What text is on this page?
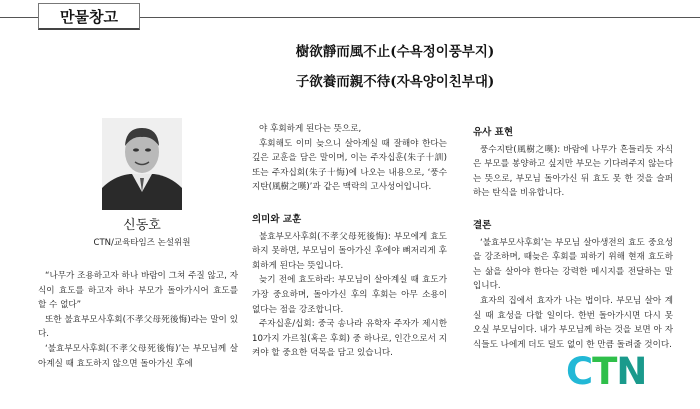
만물창고
樹欲靜而風不止(수욕정이풍부지)
子欲養而親不待(자욕양이친부대)
신동호
CTN/교육타임즈 논설위원

“나무가 조용하고자 하나 바람이 그쳐 주질 않고, 자식이 효도를 하고자 하나 부모가 돌아가시어 효도를 할 수 없다”

또한 불효부모사후회(不孝父母死後悔)라는 말이 있다.

‘불효부모사후회(不孝父母死後悔)’는 부모님께 살아계실 때 효도하지 않으면 돌아가신 후에

야 후회하게 된다는 뜻으로,

후회해도 이미 늦으니 살아계실 때 잘해야 한다는 깊은 교훈을 담은 말이며, 이는 주자십훈(朱子十訓) 또는 주자십회(朱子十悔)에 나오는 내용으로, ‘풍수지탄(風樹之嘆)’과 같은 맥락의 고사성어입니다.

의미와 교훈

불효부모사후회(不孝父母死後悔): 부모에게 효도하지 못하면, 부모님이 돌아가신 후에야 뼈저리게 후회하게 된다는 뜻입니다.

늦기 전에 효도하라: 부모님이 살아계실 때 효도가 가장 중요하며, 돌아가신 후의 후회는 아무 소용이 없다는 점을 강조합니다.

주자십훈/십회: 중국 송나라 유학자 주자가 제시한 10가지 가르침(혹은 후회) 중 하나로, 인간으로서 지켜야 할 중요한 덕목을 담고 있습니다.

유사 표현

풍수지탄(風樹之嘆): 바람에 나무가 흔들리듯 자식은 부모를 봉양하고 싶지만 부모는 기다려주지 않는다는 뜻으로, 부모님 돌아가신 뒤 효도 못 한 것을 슬퍼하는 탄식을 비유합니다.

결론

‘불효부모사후회’는 부모님 살아생전의 효도 중요성을 강조하며, 때늦은 후회를 피하기 위해 현재 효도하는 삶을 살아야 한다는 강력한 메시지를 전달하는 말입니다.

효자의 집에서 효자가 나는 법이다. 부모님 살아 계실 때 효성을 다할 일이다. 한번 돌아가시면 다시 못 오실 부모님이다. 내가 부모님께 하는 것을 보면 아 자식들도 나에게 더도 덜도 없이 한 만큼 돌려줄 것이다.

CTN
